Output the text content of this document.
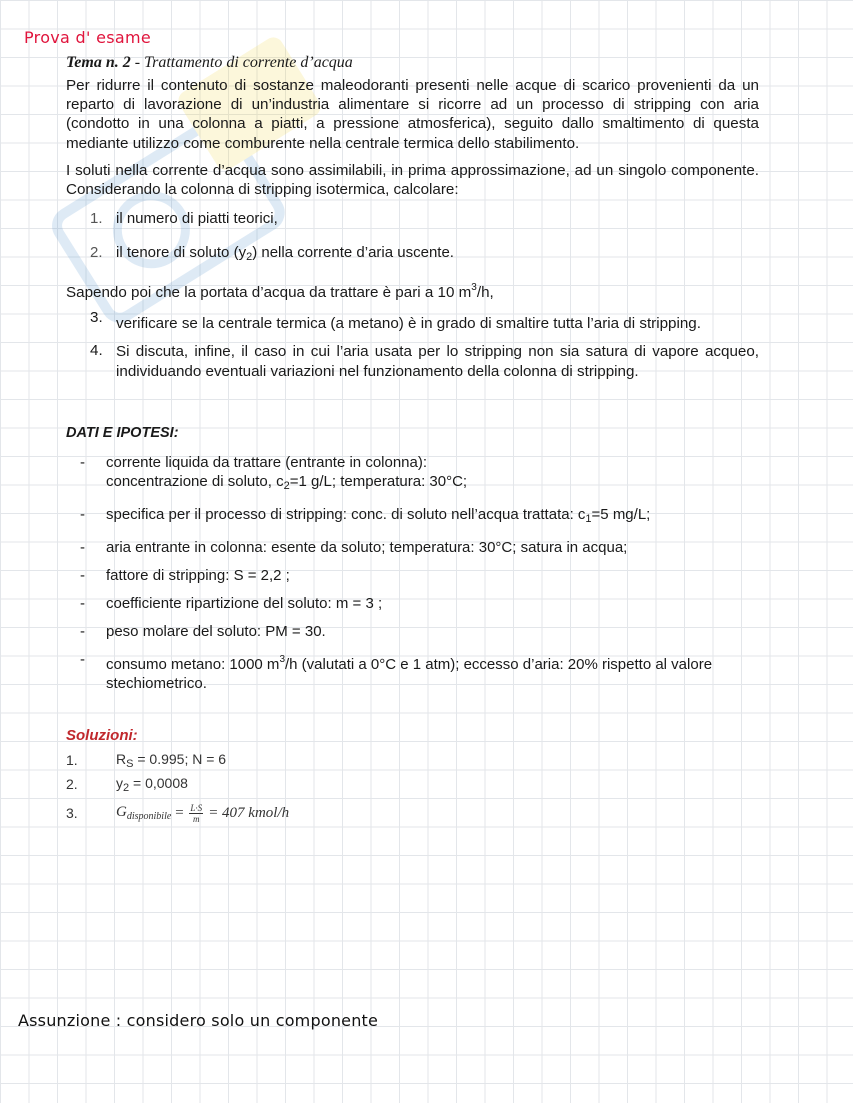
Prova d' esame
Tema n. 2 - Trattamento di corrente d’acqua

Per ridurre il contenuto di sostanze maleodoranti presenti nelle acque di scarico provenienti da un reparto di lavorazione di un’industria alimentare si ricorre ad un processo di stripping con aria (condotto in una colonna a piatti, a pressione atmosferica), seguito dallo smaltimento di questa mediante utilizzo come comburente nella centrale termica dello stabilimento.

I soluti nella corrente d’acqua sono assimilabili, in prima approssimazione, ad un singolo componente. Considerando la colonna di stripping isotermica, calcolare:

1. il numero di piatti teorici,
2. il tenore di soluto $(y_2)$ nella corrente d’aria uscente.

Sapendo poi che la portata d’acqua da trattare è pari a 10 $m^3/h$,

3. verificare se la centrale termica (a metano) è in grado di smaltire tutta l’aria di stripping.
4. Si discuta, infine, il caso in cui l’aria usata per lo stripping non sia satura di vapore acqueo, individuando eventuali variazioni nel funzionamento della colonna di stripping.
DATI E IPOTESI:
-	corrente liquida da trattare (entrante in colonna):
concentrazione di soluto, $c_2=1$ g/L; temperatura: 30°C;
-	specifica per il processo di stripping: conc. di soluto nell’acqua trattata: $c_1=5$ mg/L;
-	aria entrante in colonna: esente da soluto; temperatura: 30°C; satura in acqua;
-	fattore di stripping: S = 2,2 ;
-	coefficiente ripartizione del soluto: m = 3 ;
-	peso molare del soluto: PM = 30.
-	consumo metano: 1000 $m^3/h$ (valutati a 0°C e 1 atm); eccesso d’aria: 20% rispetto al valore stechiometrico.
Soluzioni:
1.	$R_S = 0.995$; N = 6
2.	$y_2 = 0,0008$
3.	$G_{disponibile} = \frac{L\cdot S}{m} = 407$ kmol/h
Assunzione : considero solo un componente
